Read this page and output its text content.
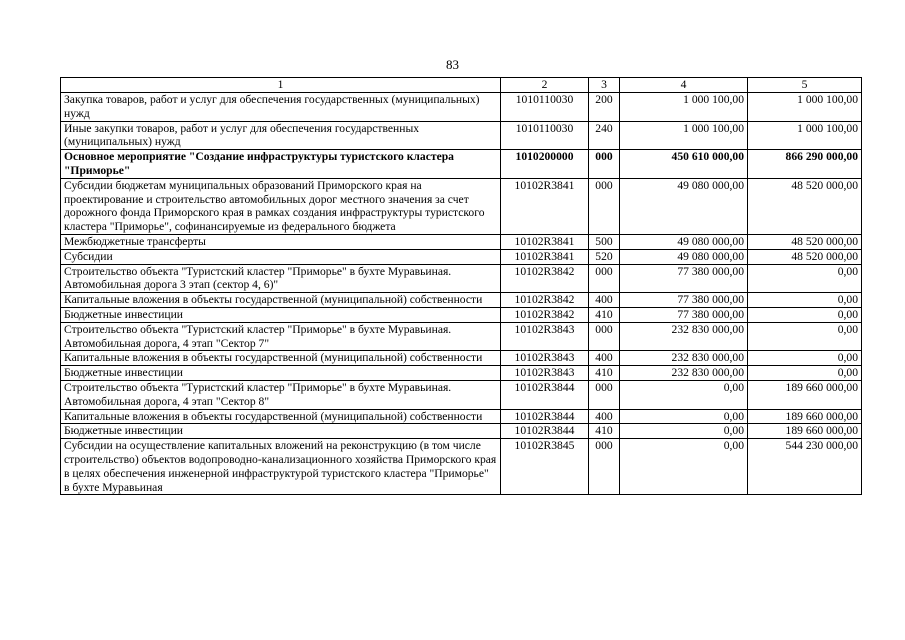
83
1	2	3	4	5
Закупка товаров, работ и услуг для обеспечения государственных (муниципальных) нужд	1010110030	200	1 000 100,00	1 000 100,00
Иные закупки товаров, работ и услуг для обеспечения государственных (муниципальных) нужд	1010110030	240	1 000 100,00	1 000 100,00
Основное мероприятие "Создание инфраструктуры туристского кластера "Приморье"	1010200000	000	450 610 000,00	866 290 000,00
Субсидии бюджетам муниципальных образований Приморского края на проектирование и строительство автомобильных дорог местного значения за счет дорожного фонда Приморского края в рамках создания инфраструктуры туристского кластера "Приморье", софинансируемые из федерального бюджета	10102R3841	000	49 080 000,00	48 520 000,00
Межбюджетные трансферты	10102R3841	500	49 080 000,00	48 520 000,00
Субсидии	10102R3841	520	49 080 000,00	48 520 000,00
Строительство объекта "Туристский кластер "Приморье" в бухте Муравьиная. Автомобильная дорога 3 этап (сектор 4, 6)"	10102R3842	000	77 380 000,00	0,00
Капитальные вложения в объекты государственной (муниципальной) собственности	10102R3842	400	77 380 000,00	0,00
Бюджетные инвестиции	10102R3842	410	77 380 000,00	0,00
Строительство объекта "Туристский кластер "Приморье" в бухте Муравьиная. Автомобильная дорога, 4 этап "Сектор 7"	10102R3843	000	232 830 000,00	0,00
Капитальные вложения в объекты государственной (муниципальной) собственности	10102R3843	400	232 830 000,00	0,00
Бюджетные инвестиции	10102R3843	410	232 830 000,00	0,00
Строительство объекта "Туристский кластер "Приморье" в бухте Муравьиная. Автомобильная дорога, 4 этап "Сектор 8"	10102R3844	000	0,00	189 660 000,00
Капитальные вложения в объекты государственной (муниципальной) собственности	10102R3844	400	0,00	189 660 000,00
Бюджетные инвестиции	10102R3844	410	0,00	189 660 000,00
Субсидии на осуществление капитальных вложений на реконструкцию (в том числе строительство) объектов водопроводно-канализационного хозяйства Приморского края в целях обеспечения инженерной инфраструктурой туристского кластера "Приморье" в бухте Муравьиная	10102R3845	000	0,00	544 230 000,00
